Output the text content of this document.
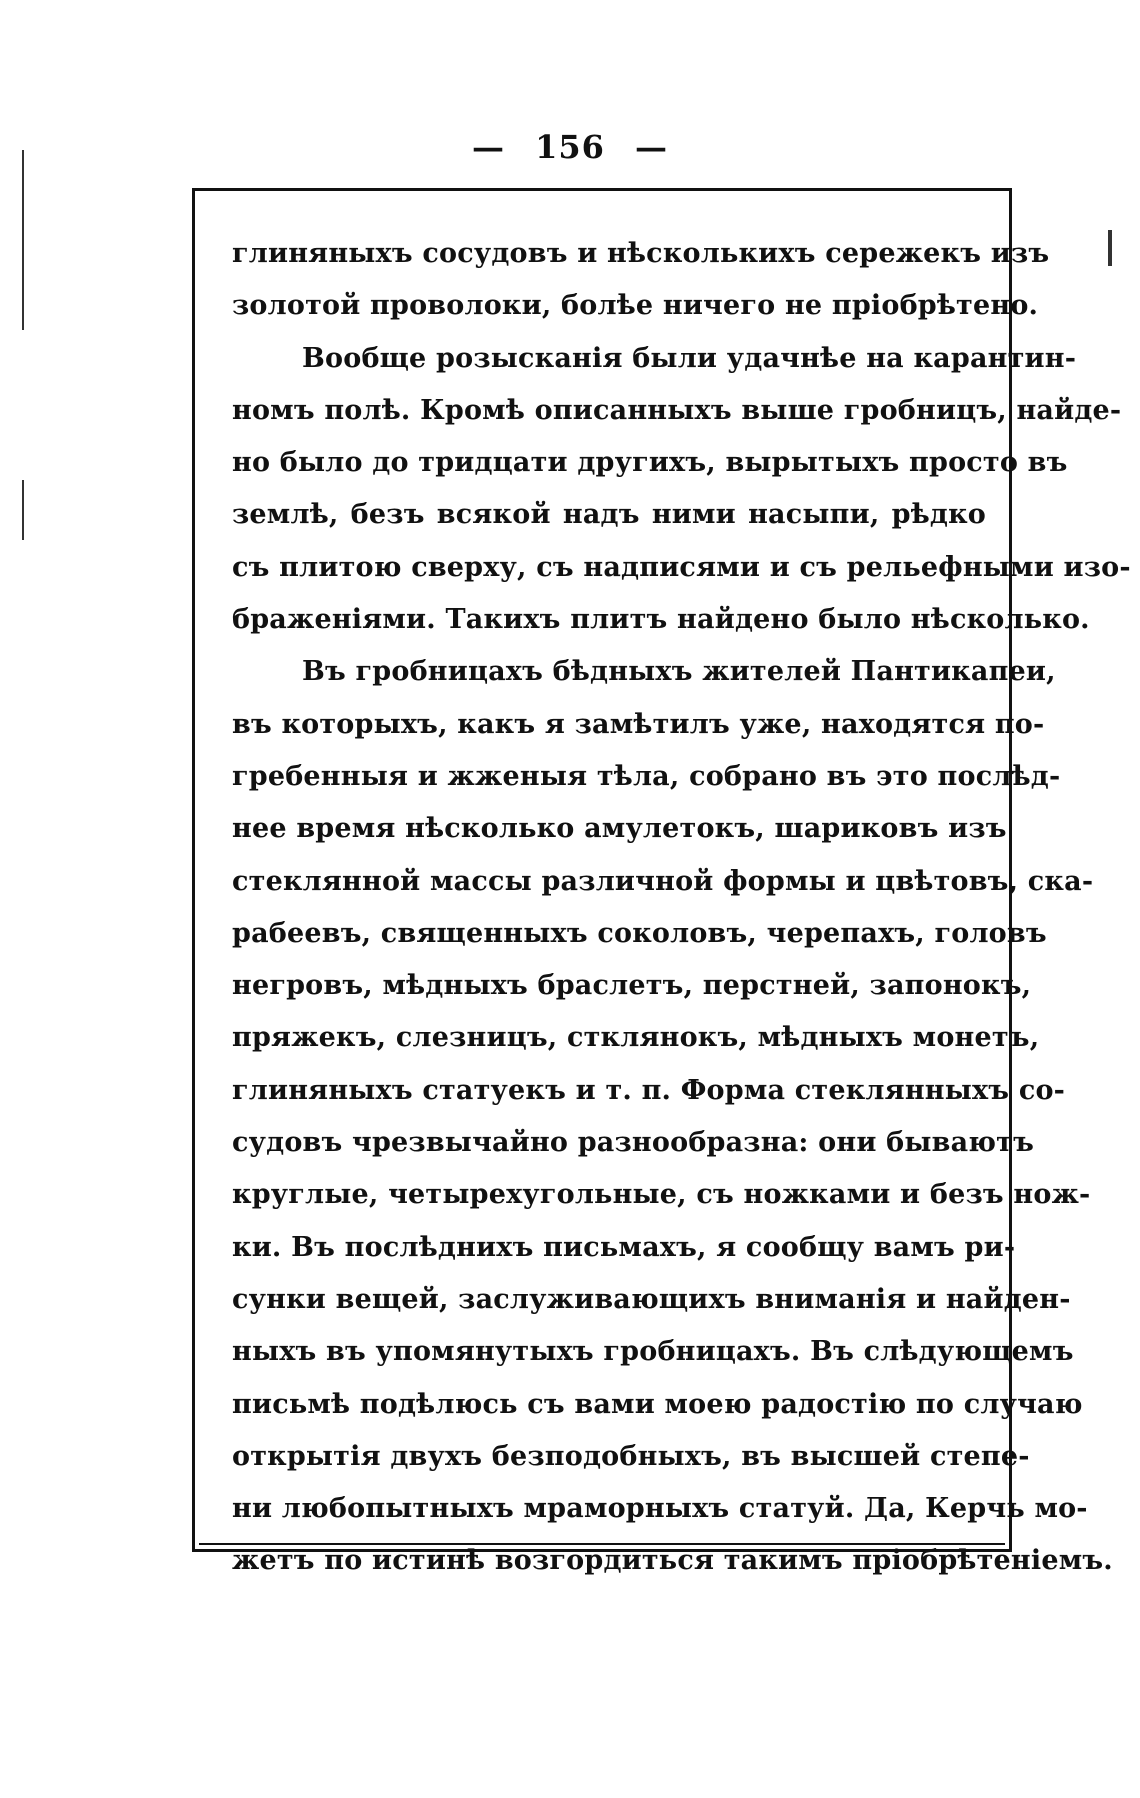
— 156 —
глиняныхъ сосудовъ и нѣсколькихъ сережекъ изъ
золотой проволоки, болѣе ничего не пріобрѣтено.
Вообще розысканія были удачнѣе на карантин-
номъ полѣ. Кромѣ описанныхъ выше гробницъ, найде-
но было до тридцати другихъ, вырытыхъ просто въ
землѣ, безъ всякой надъ ними насыпи, рѣдко
съ плитою сверху, съ надписями и съ рельефными изо-
браженіями. Такихъ плитъ найдено было нѣсколько.
Въ гробницахъ бѣдныхъ жителей Пантикапеи,
въ которыхъ, какъ я замѣтилъ уже, находятся по-
гребенныя и жженыя тѣла, собрано въ это послѣд-
нее время нѣсколько амулетокъ, шариковъ изъ
стеклянной массы различной формы и цвѣтовъ, ска-
рабеевъ, священныхъ соколовъ, черепахъ, головъ
негровъ, мѣдныхъ браслетъ, перстней, запонокъ,
пряжекъ, слезницъ, стклянокъ, мѣдныхъ монетъ,
глиняныхъ статуекъ и т. п. Форма стеклянныхъ со-
судовъ чрезвычайно разнообразна: они бываютъ
круглые, четырехугольные, съ ножками и безъ нож-
ки. Въ послѣднихъ письмахъ, я сообщу вамъ ри-
сунки вещей, заслуживающихъ вниманія и найден-
ныхъ въ упомянутыхъ гробницахъ. Въ слѣдующемъ
письмѣ подѣлюсь съ вами моею радостію по случаю
открытія двухъ безподобныхъ, въ высшей степе-
ни любопытныхъ мраморныхъ статуй. Да, Керчь мо-
жетъ по истинѣ возгордиться такимъ пріобрѣтеніемъ.
